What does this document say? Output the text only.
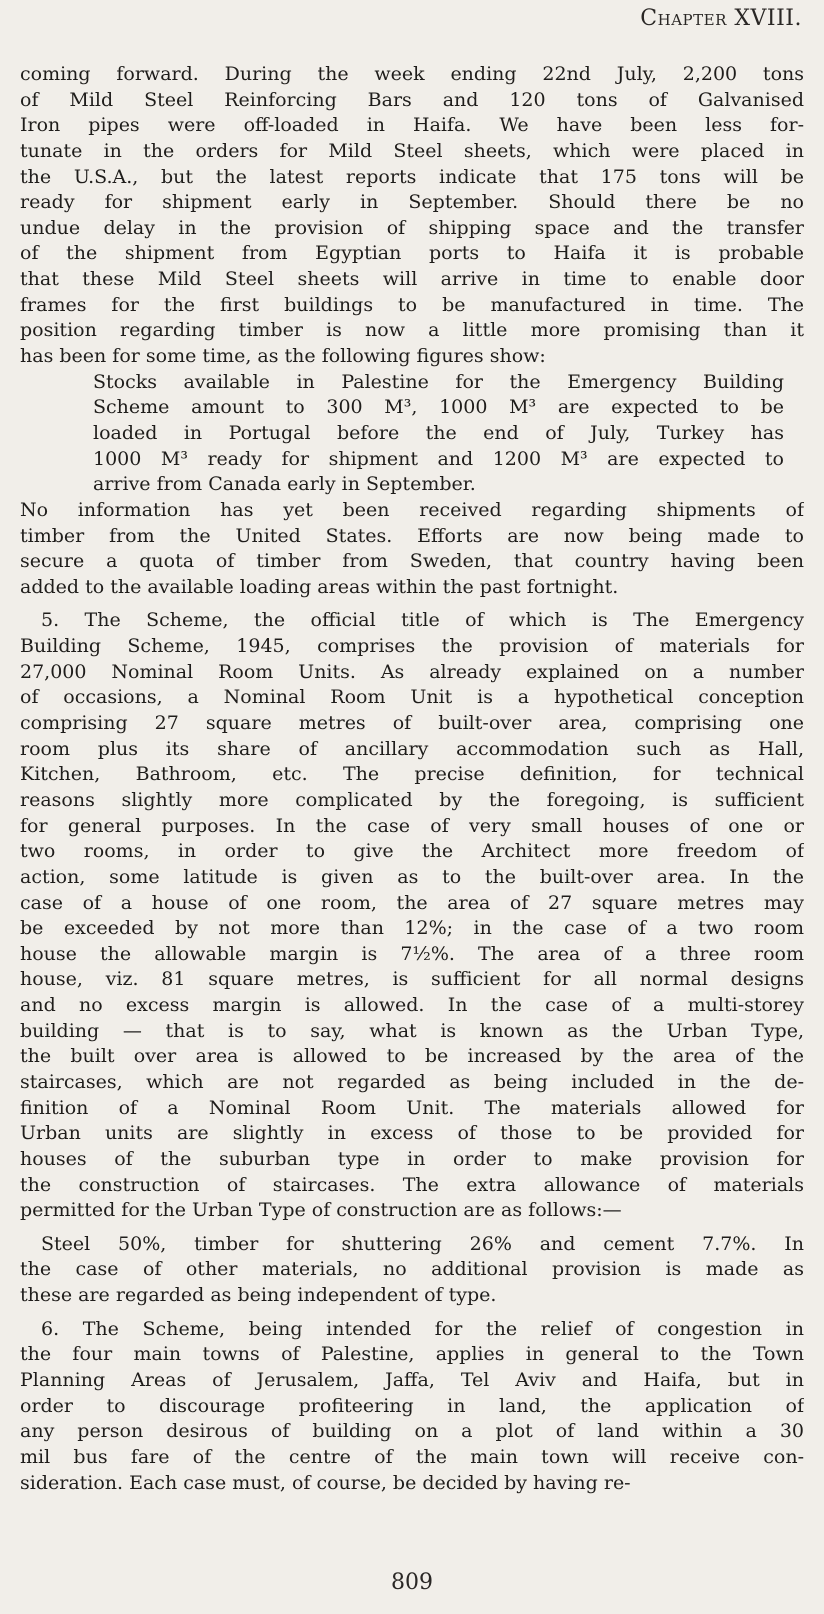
Chapter XVIII.
coming forward. During the week ending 22nd July, 2,200 tons
of Mild Steel Reinforcing Bars and 120 tons of Galvanised
Iron pipes were off-loaded in Haifa. We have been less for-
tunate in the orders for Mild Steel sheets, which were placed in
the U.S.A., but the latest reports indicate that 175 tons will be
ready for shipment early in September. Should there be no
undue delay in the provision of shipping space and the transfer
of the shipment from Egyptian ports to Haifa it is probable
that these Mild Steel sheets will arrive in time to enable door
frames for the first buildings to be manufactured in time. The
position regarding timber is now a little more promising than it
has been for some time, as the following figures show:
Stocks available in Palestine for the Emergency Building
Scheme amount to 300 M³, 1000 M³ are expected to be
loaded in Portugal before the end of July, Turkey has
1000 M³ ready for shipment and 1200 M³ are expected to
arrive from Canada early in September.
No information has yet been received regarding shipments of
timber from the United States. Efforts are now being made to
secure a quota of timber from Sweden, that country having been
added to the available loading areas within the past fortnight.
5. The Scheme, the official title of which is The Emergency
Building Scheme, 1945, comprises the provision of materials for
27,000 Nominal Room Units. As already explained on a number
of occasions, a Nominal Room Unit is a hypothetical conception
comprising 27 square metres of built-over area, comprising one
room plus its share of ancillary accommodation such as Hall,
Kitchen, Bathroom, etc. The precise definition, for technical
reasons slightly more complicated by the foregoing, is sufficient
for general purposes. In the case of very small houses of one or
two rooms, in order to give the Architect more freedom of
action, some latitude is given as to the built-over area. In the
case of a house of one room, the area of 27 square metres may
be exceeded by not more than 12%; in the case of a two room
house the allowable margin is 7½%. The area of a three room
house, viz. 81 square metres, is sufficient for all normal designs
and no excess margin is allowed. In the case of a multi-storey
building — that is to say, what is known as the Urban Type,
the built over area is allowed to be increased by the area of the
staircases, which are not regarded as being included in the de-
finition of a Nominal Room Unit. The materials allowed for
Urban units are slightly in excess of those to be provided for
houses of the suburban type in order to make provision for
the construction of staircases. The extra allowance of materials
permitted for the Urban Type of construction are as follows:—
Steel 50%, timber for shuttering 26% and cement 7.7%. In
the case of other materials, no additional provision is made as
these are regarded as being independent of type.
6. The Scheme, being intended for the relief of congestion in
the four main towns of Palestine, applies in general to the Town
Planning Areas of Jerusalem, Jaffa, Tel Aviv and Haifa, but in
order to discourage profiteering in land, the application of
any person desirous of building on a plot of land within a 30
mil bus fare of the centre of the main town will receive con-
sideration. Each case must, of course, be decided by having re-
809
